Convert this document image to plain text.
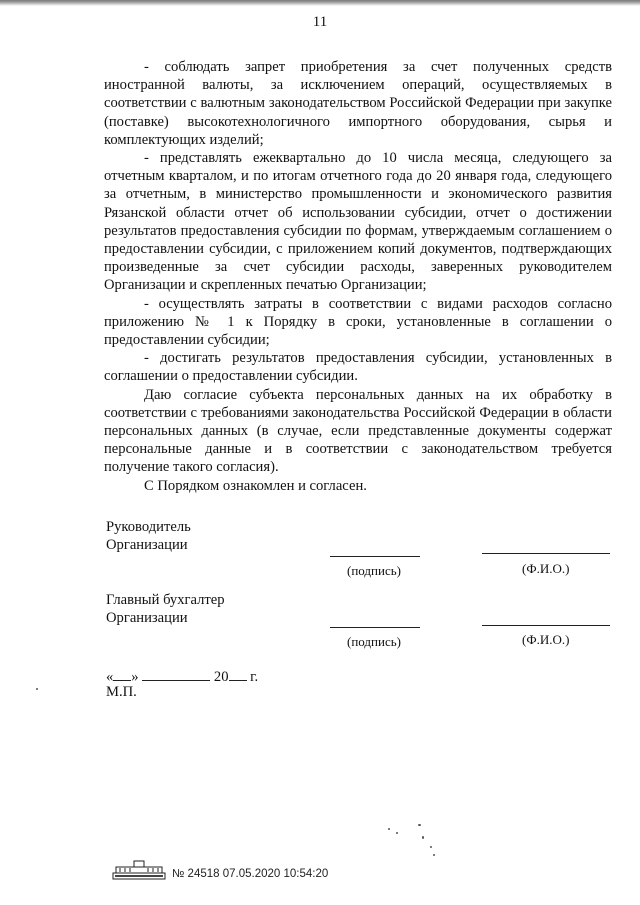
11

- соблюдать запрет приобретения за счет полученных средств иностранной валюты, за исключением операций, осуществляемых в соответствии с валютным законодательством Российской Федерации при закупке (поставке) высокотехнологичного импортного оборудования, сырья и комплектующих изделий;

- представлять ежеквартально до 10 числа месяца, следующего за отчетным кварталом, и по итогам отчетного года до 20 января года, следующего за отчетным, в министерство промышленности и экономического развития Рязанской области отчет об использовании субсидии, отчет о достижении результатов предоставления субсидии по формам, утверждаемым соглашением о предоставлении субсидии, с приложением копий документов, подтверждающих произведенные за счет субсидии расходы, заверенных руководителем Организации и скрепленных печатью Организации;

- осуществлять затраты в соответствии с видами расходов согласно приложению № 1 к Порядку в сроки, установленные в соглашении о предоставлении субсидии;

- достигать результатов предоставления субсидии, установленных в соглашении о предоставлении субсидии.

Даю согласие субъекта персональных данных на их обработку в соответствии с требованиями законодательства Российской Федерации в области персональных данных (в случае, если представленные документы содержат персональные данные и в соответствии с законодательством требуется получение такого согласия).

С Порядком ознакомлен и согласен.

Руководитель
Организации
(подпись)	(Ф.И.О.)
Главный бухгалтер
Организации
(подпись)	(Ф.И.О.)
« »	20 г.
М.П.
№ 24518 07.05.2020 10:54:20
